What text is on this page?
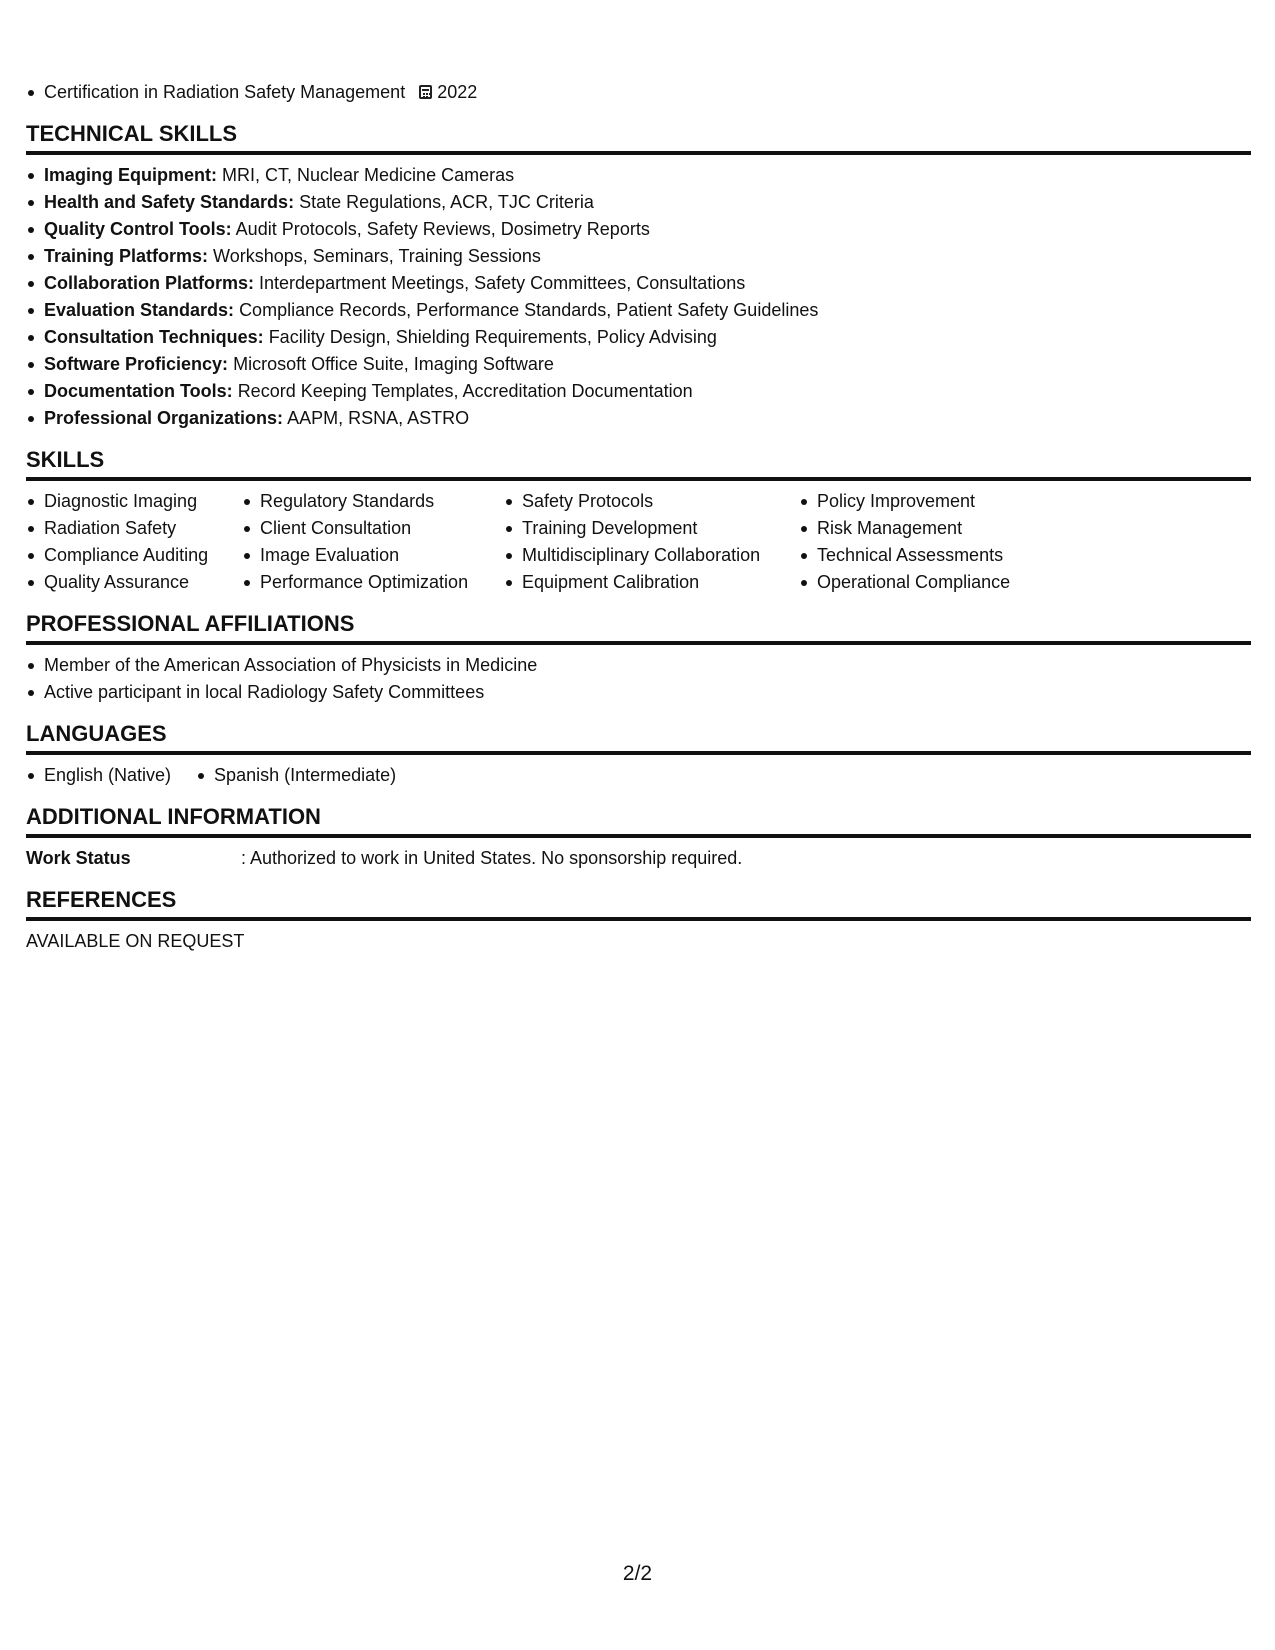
Certification in Radiation Safety Management 2022
TECHNICAL SKILLS
Imaging Equipment: MRI, CT, Nuclear Medicine Cameras
Health and Safety Standards: State Regulations, ACR, TJC Criteria
Quality Control Tools: Audit Protocols, Safety Reviews, Dosimetry Reports
Training Platforms: Workshops, Seminars, Training Sessions
Collaboration Platforms: Interdepartment Meetings, Safety Committees, Consultations
Evaluation Standards: Compliance Records, Performance Standards, Patient Safety Guidelines
Consultation Techniques: Facility Design, Shielding Requirements, Policy Advising
Software Proficiency: Microsoft Office Suite, Imaging Software
Documentation Tools: Record Keeping Templates, Accreditation Documentation
Professional Organizations: AAPM, RSNA, ASTRO
SKILLS
Diagnostic Imaging
Radiation Safety
Compliance Auditing
Quality Assurance
Regulatory Standards
Client Consultation
Image Evaluation
Performance Optimization
Safety Protocols
Training Development
Multidisciplinary Collaboration
Equipment Calibration
Policy Improvement
Risk Management
Technical Assessments
Operational Compliance
PROFESSIONAL AFFILIATIONS
Member of the American Association of Physicists in Medicine
Active participant in local Radiology Safety Committees
LANGUAGES
English (Native)	Spanish (Intermediate)
ADDITIONAL INFORMATION
Work Status	: Authorized to work in United States. No sponsorship required.
REFERENCES
AVAILABLE ON REQUEST
2/2
